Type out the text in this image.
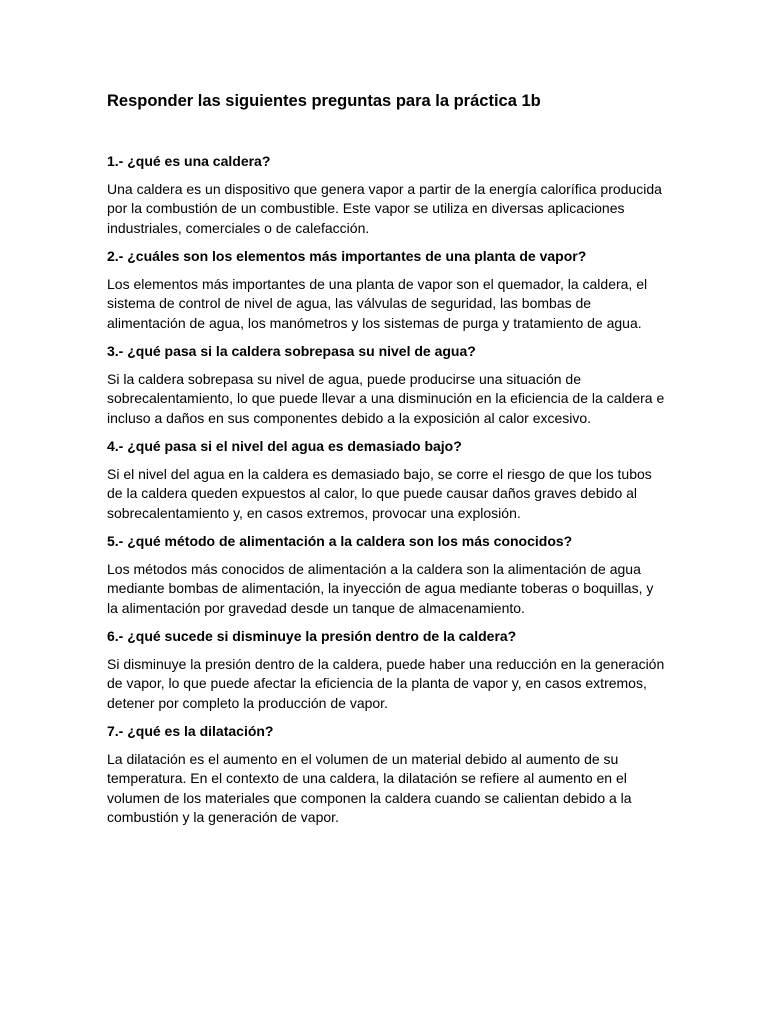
Responder las siguientes preguntas para la práctica 1b

1.- ¿qué es una caldera?

Una caldera es un dispositivo que genera vapor a partir de la energía calorífica producida por la combustión de un combustible. Este vapor se utiliza en diversas aplicaciones industriales, comerciales o de calefacción.

2.- ¿cuáles son los elementos más importantes de una planta de vapor?

Los elementos más importantes de una planta de vapor son el quemador, la caldera, el sistema de control de nivel de agua, las válvulas de seguridad, las bombas de alimentación de agua, los manómetros y los sistemas de purga y tratamiento de agua.

3.- ¿qué pasa si la caldera sobrepasa su nivel de agua?

Si la caldera sobrepasa su nivel de agua, puede producirse una situación de sobrecalentamiento, lo que puede llevar a una disminución en la eficiencia de la caldera e incluso a daños en sus componentes debido a la exposición al calor excesivo.

4.- ¿qué pasa si el nivel del agua es demasiado bajo?

Si el nivel del agua en la caldera es demasiado bajo, se corre el riesgo de que los tubos de la caldera queden expuestos al calor, lo que puede causar daños graves debido al sobrecalentamiento y, en casos extremos, provocar una explosión.

5.- ¿qué método de alimentación a la caldera son los más conocidos?

Los métodos más conocidos de alimentación a la caldera son la alimentación de agua mediante bombas de alimentación, la inyección de agua mediante toberas o boquillas, y la alimentación por gravedad desde un tanque de almacenamiento.

6.- ¿qué sucede si disminuye la presión dentro de la caldera?

Si disminuye la presión dentro de la caldera, puede haber una reducción en la generación de vapor, lo que puede afectar la eficiencia de la planta de vapor y, en casos extremos, detener por completo la producción de vapor.

7.- ¿qué es la dilatación?

La dilatación es el aumento en el volumen de un material debido al aumento de su temperatura. En el contexto de una caldera, la dilatación se refiere al aumento en el volumen de los materiales que componen la caldera cuando se calientan debido a la combustión y la generación de vapor.
